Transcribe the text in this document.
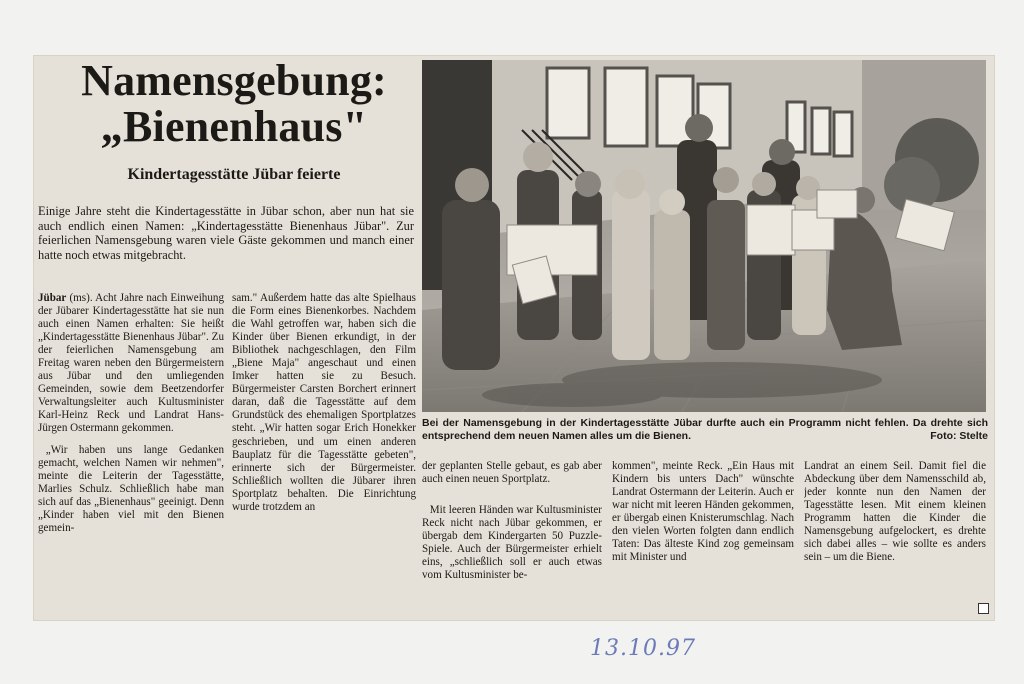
Namensgebung:
„Bienenhaus"
Kindertagesstätte Jübar feierte

Einige Jahre steht die Kindertagesstätte in Jübar schon, aber nun hat sie auch endlich einen Namen: „Kindertagesstätte Bienenhaus Jübar". Zur feierlichen Namensgebung waren viele Gäste gekommen und manch einer hatte noch etwas mitgebracht.

Bei der Namensgebung in der Kindertagesstätte Jübar durfte auch ein Programm nicht fehlen. Da drehte sich entsprechend dem neuen Namen alles um die Bienen.	Foto: Stelte

Jübar (ms). Acht Jahre nach Einweihung der Jübarer Kindertagesstätte hat sie nun auch einen Namen erhalten: Sie heißt „Kindertagesstätte Bienenhaus Jübar". Zu der feierlichen Namensgebung am Freitag waren neben den Bürgermeistern aus Jübar und den umliegenden Gemeinden, sowie dem Beetzendorfer Verwaltungsleiter auch Kultusminister Karl-Heinz Reck und Landrat Hans-Jürgen Ostermann gekommen.

„Wir haben uns lange Gedanken gemacht, welchen Namen wir nehmen", meinte die Leiterin der Tagesstätte, Marlies Schulz. Schließlich habe man sich auf das „Bienenhaus" geeinigt. Denn „Kinder haben viel mit den Bienen gemein-

sam." Außerdem hatte das alte Spielhaus die Form eines Bienenkorbes. Nachdem die Wahl getroffen war, haben sich die Kinder über Bienen erkundigt, in der Bibliothek nachgeschlagen, den Film „Biene Maja" angeschaut und einen Imker hatten sie zu Besuch. Bürgermeister Carsten Borchert erinnert daran, daß die Tagesstätte auf dem Grundstück des ehemaligen Sportplatzes steht. „Wir hatten sogar Erich Honekker geschrieben, und um einen anderen Bauplatz für die Tagesstätte gebeten", erinnerte sich der Bürgermeister. Schließlich wollten die Jübarer ihren Sportplatz behalten. Die Einrichtung wurde trotzdem an

der geplanten Stelle gebaut, es gab aber auch einen neuen Sportplatz.

Mit leeren Händen war Kultusminister Reck nicht nach Jübar gekommen, er übergab dem Kindergarten 50 Puzzle-Spiele. Auch der Bürgermeister erhielt eins, „schließlich soll er auch etwas vom Kultusminister be-

kommen", meinte Reck. „Ein Haus mit Kindern bis unters Dach" wünschte Landrat Ostermann der Leiterin. Auch er war nicht mit leeren Händen gekommen, er übergab einen Knisterumschlag. Nach den vielen Worten folgten dann endlich Taten: Das älteste Kind zog gemeinsam mit Minister und

Landrat an einem Seil. Damit fiel die Abdeckung über dem Namensschild ab, jeder konnte nun den Namen der Tagesstätte lesen. Mit einem kleinen Programm hatten die Kinder die Namensgebung aufgelockert, es drehte sich dabei alles – wie sollte es anders sein – um die Biene.

13.10.97
